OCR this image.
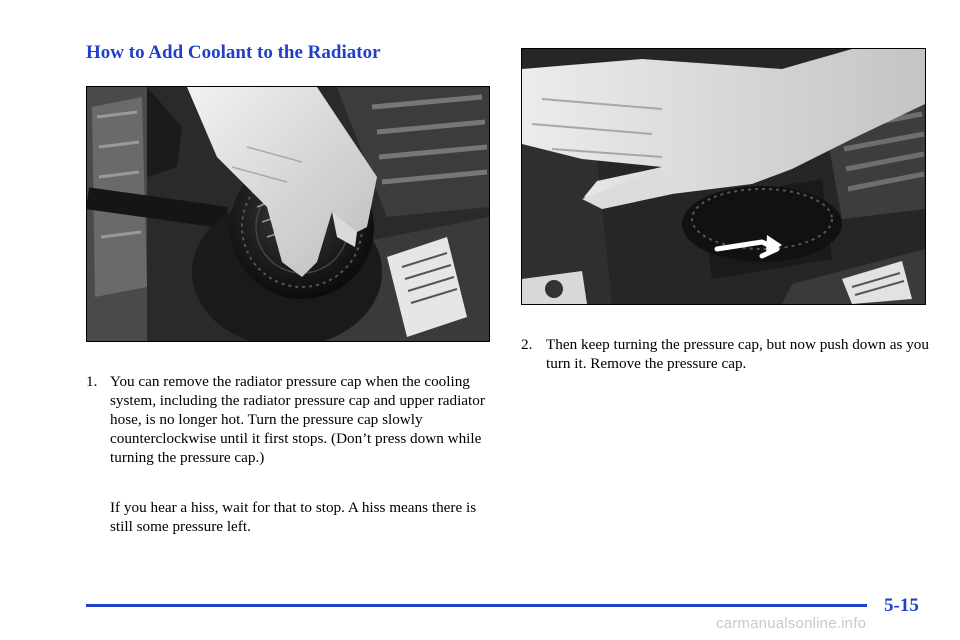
How to Add Coolant to the Radiator
1. You can remove the radiator pressure cap when the cooling system, including the radiator pressure cap and upper radiator hose, is no longer hot. Turn the pressure cap slowly counterclockwise until it first stops. (Don’t press down while turning the pressure cap.)
If you hear a hiss, wait for that to stop. A hiss means there is still some pressure left.
2. Then keep turning the pressure cap, but now push down as you turn it. Remove the pressure cap.
5-15
carmanualsonline.info
